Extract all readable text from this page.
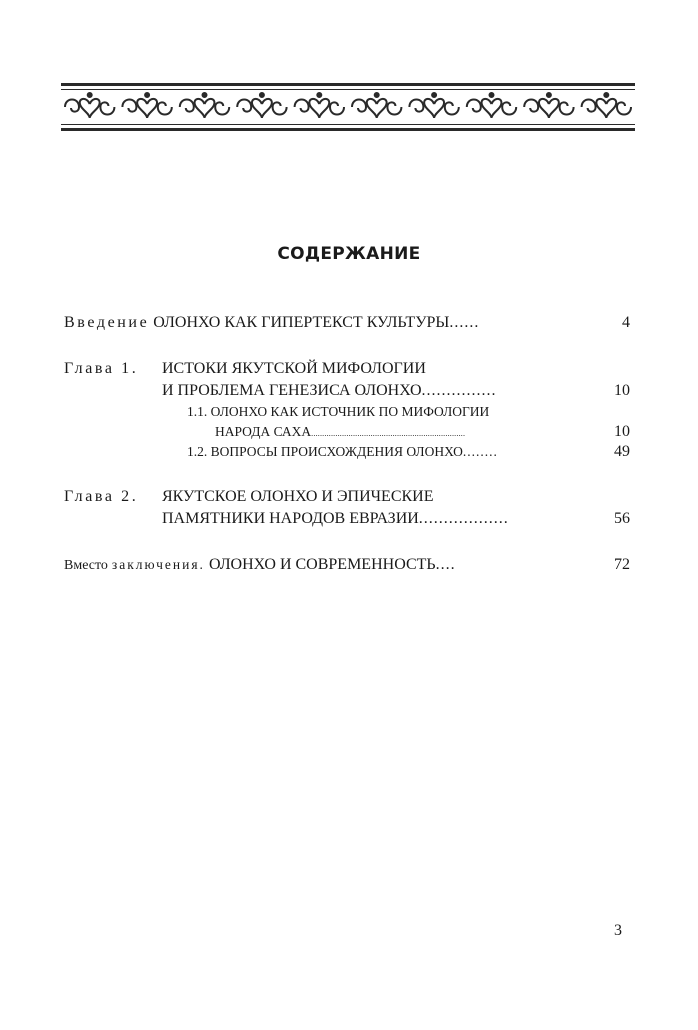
СОДЕРЖАНИЕ
Введение ОЛОНХО КАК ГИПЕРТЕКСТ КУЛЬТУРЫ......	4
Глава 1. ИСТОКИ ЯКУТСКОЙ МИФОЛОГИИ
И ПРОБЛЕМА ГЕНЕЗИСА ОЛОНХО...............	10
1.1. ОЛОНХО КАК ИСТОЧНИК ПО МИФОЛОГИИ
НАРОДА САХА......................................................................	10
1.2. ВОПРОСЫ ПРОИСХОЖДЕНИЯ ОЛОНХО........	49
Глава 2. ЯКУТСКОЕ ОЛОНХО И ЭПИЧЕСКИЕ
ПАМЯТНИКИ НАРОДОВ ЕВРАЗИИ..................	56
Вместо заключения. ОЛОНХО И СОВРЕМЕННОСТЬ....	72
3
